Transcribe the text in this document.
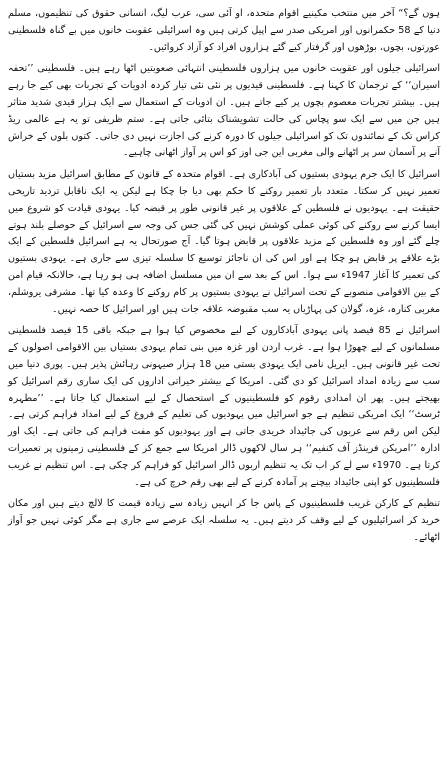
ہوں گے؟“ آخر میں منتخب مکینیے اقوام متحدہ، او آئی سی، عرب لیگ، انسانی حقوق کی تنظیموں، مسلم دنیا کے 58 حکمرانوں اور امریکی صدر سے اپیل کرتی ہیں وہ اسرائیلی عقوبت خانوں میں بے گناہ فلسطینی عورتوں، بچوں، بوڑھوں اور گرفتار کیے گئے ہزاروں افراد کو آزاد کروائیں۔

اسرائیلی جیلوں اور عقوبت خانوں میں ہزاروں فلسطینی انتہائی صعوبتیں اٹھا رہے ہیں۔ فلسطینی ’’تحفہ اسیران‘‘ کے ترجمان کا کہنا ہے۔ فلسطینی قیدیوں پر نئی نئی تیار کردہ ادویات کے تجربات بھی کیے جا رہے ہیں۔ بیشتر تجربات معصوم بچوں پر کیے جاتے ہیں۔ ان ادویات کے استعمال سے ایک ہزار قیدی شدید متاثر ہیں جن میں سے ایک سو پچاس کی حالت تشویشناک بتائی جاتی ہے۔ ستم ظریفی تو یہ ہے عالمی ریڈ کراس تک کے نمائندوں تک کو اسرائیلی جیلوں کا دورہ کرنے کی اجازت نہیں دی جاتی۔ کتوں بلوں کے خراش آنے پر آسمان سر پر اٹھانے والی مغربی این جی اوز کو اس پر آواز اٹھانی چاہیے۔

اسرائیل کا ایک جرم یہودی بستیوں کی آبادکاری ہے۔ اقوام متحدہ کے قانون کے مطابق اسرائیل مزید بستیاں تعمیر نہیں کر سکتا۔ متعدد بار تعمیر روکنے کا حکم بھی دیا جا چکا ہے لیکن یہ ایک ناقابل تردید تاریخی حقیقت ہے۔ یہودیوں نے فلسطین کے علاقوں پر غیر قانونی طور پر قبضہ کیا۔ یہودی قیادت کو شروع میں ایسا کرنے سے روکنے کی کوئی عملی کوشش نہیں کی گئی جس کی وجہ سے اسرائیل کے حوصلے بلند ہوتے چلے گئے اور وہ فلسطین کے مزید علاقوں پر قابض ہوتا گیا۔ آج صورتحال یہ ہے اسرائیل فلسطین کے ایک بڑے علاقے پر قابض ہو چکا ہے اور اس کی ان ناجائز توسیع کا سلسلہ تیزی سے جاری ہے۔ یہودی بستیوں کی تعمیر کا آغاز 1947ء سے ہوا۔ اس کے بعد سے ان میں مسلسل اضافہ ہی ہو رہا ہے، حالانکہ قیام امن کے بین الاقوامی منصوبے کے تحت اسرائیل نے یہودی بستیوں پر کام روکنے کا وعدہ کیا تھا۔ مشرقی یروشلم، مغربی کنارہ، غزہ، گولان کی پہاڑیاں یہ سب مقبوضہ علاقہ جات ہیں اور اسرائیل کا حصہ نہیں۔

اسرائیل نے 85 فیصد پانی یہودی آبادکاروں کے لیے مخصوص کیا ہوا ہے جبکہ باقی 15 فیصد فلسطینی مسلمانوں کے لیے چھوڑا ہوا ہے۔ غرب اردن اور غزہ میں بنی تمام یہودی بستیاں بین الاقوامی اصولوں کے تحت غیر قانونی ہیں۔ ایریل نامی ایک یہودی بستی میں 18 ہزار صیہونی رہائش پذیر ہیں۔ پوری دنیا میں سب سے زیادہ امداد اسرائیل کو دی گئی۔ امریکا کے بیشتر خیراتی اداروں کی ایک ساری رقم اسرائیل کو بھیجتے ہیں۔ پھر ان امدادی رقوم کو فلسطینیوں کے استحصال کے لیے استعمال کیا جاتا ہے۔ ’’مطہرہ ٹرسٹ‘‘ ایک امریکی تنظیم ہے جو اسرائیل میں یہودیوں کی تعلیم کے فروغ کے لیے امداد فراہم کرتی ہے۔ لیکن اس رقم سے عربوں کی جائیداد خریدی جاتی ہے اور یہودیوں کو مفت فراہم کی جاتی ہے۔ ایک اور ادارہ ’’امریکن فرینڈز آف کنفیم‘‘ ہر سال لاکھوں ڈالر امریکا سے جمع کر کے فلسطینی زمینوں پر تعمیرات کرتا ہے۔ 1970ء سے لے کر اب تک یہ تنظیم اربوں ڈالر اسرائیل کو فراہم کر چکی ہے۔ اس تنظیم نے غریب فلسطینیوں کو اپنی جائیداد بیچنے پر آمادہ کرنے کے لیے بھی رقم خرچ کی ہے۔

تنظیم کے کارکن غریب فلسطینیوں کے پاس جا کر انہیں زیادہ سے زیادہ قیمت کا لالچ دیتے ہیں اور مکان خرید کر اسرائیلیوں کے لیے وقف کر دیتے ہیں۔ یہ سلسلہ ایک عرصے سے جاری ہے مگر کوئی نہیں جو آواز اٹھائے۔
